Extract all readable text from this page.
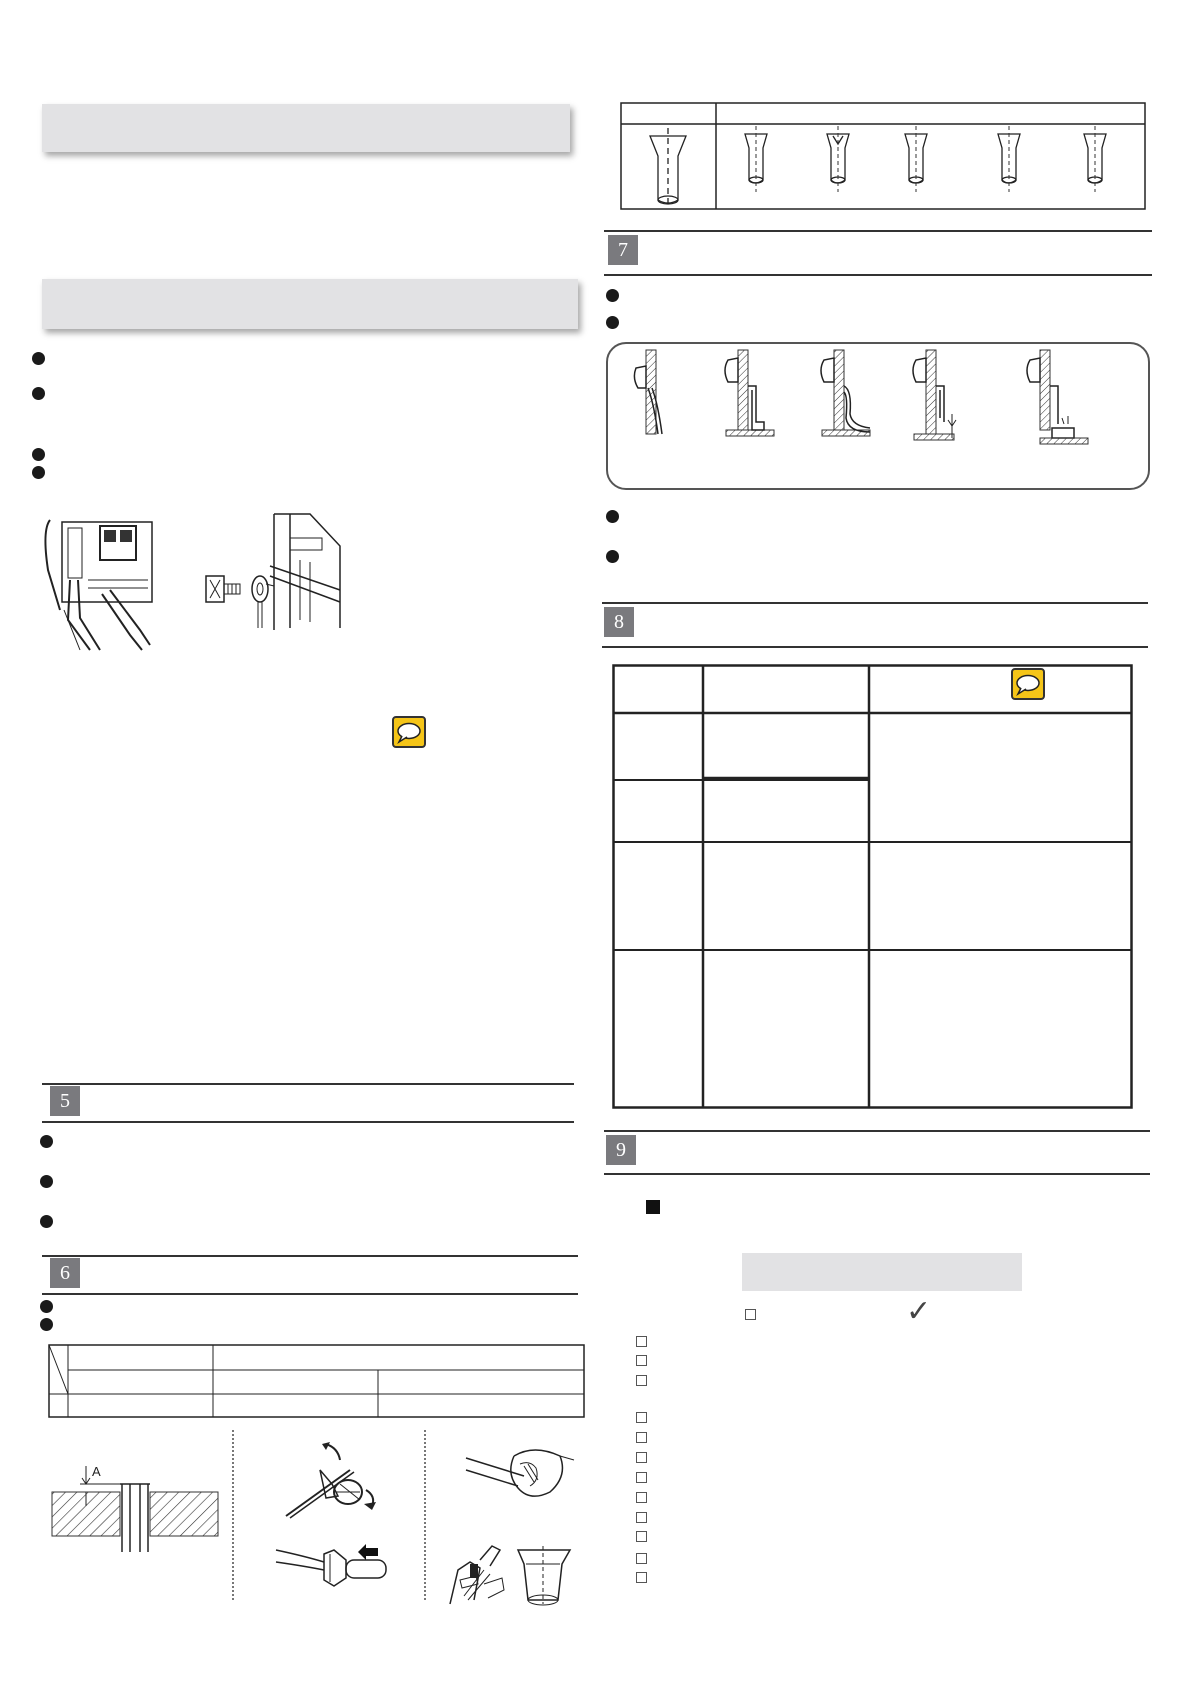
5
6
A
7
8
9
✓
